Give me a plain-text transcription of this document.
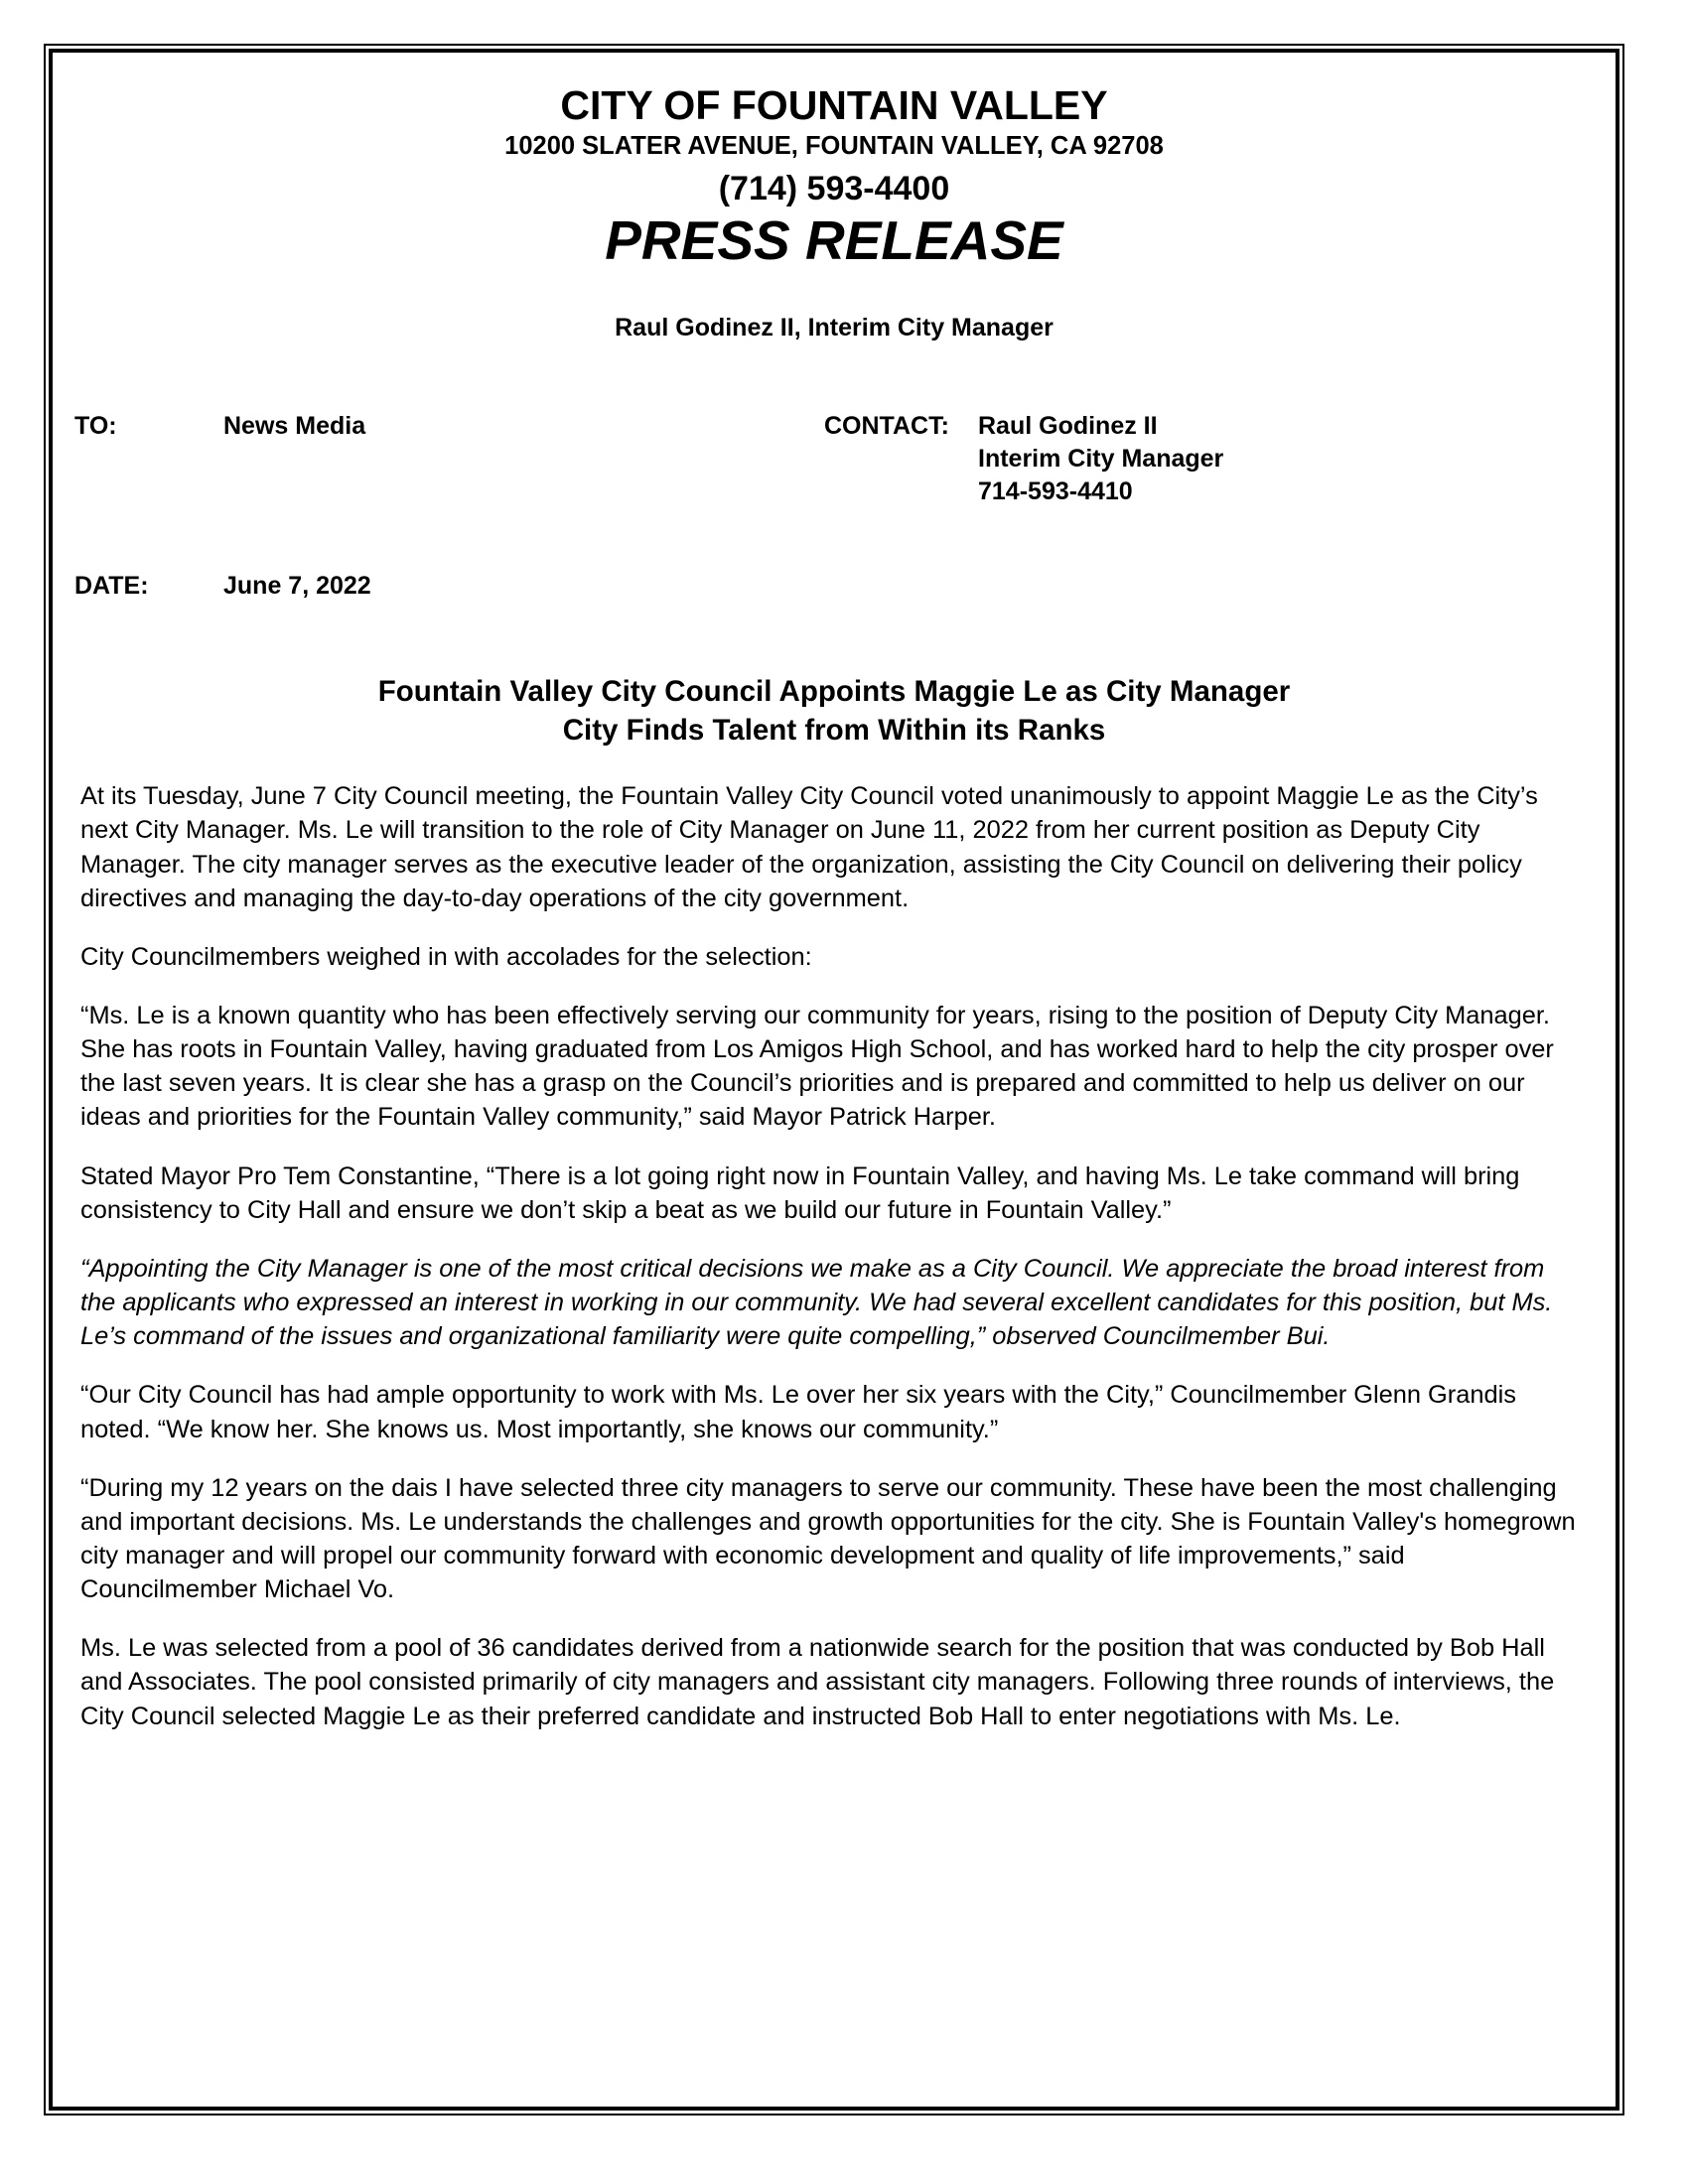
CITY OF FOUNTAIN VALLEY
10200 SLATER AVENUE, FOUNTAIN VALLEY, CA 92708
(714) 593-4400
PRESS RELEASE
Raul Godinez II, Interim City Manager
TO:	News Media	CONTACT:	Raul Godinez II
Interim City Manager
714-593-4410
DATE:	June 7, 2022
Fountain Valley City Council Appoints Maggie Le as City Manager
City Finds Talent from Within its Ranks

At its Tuesday, June 7 City Council meeting, the Fountain Valley City Council voted unanimously to appoint Maggie Le as the City’s next City Manager. Ms. Le will transition to the role of City Manager on June 11, 2022 from her current position as Deputy City Manager. The city manager serves as the executive leader of the organization, assisting the City Council on delivering their policy directives and managing the day-to-day operations of the city government.

City Councilmembers weighed in with accolades for the selection:

“Ms. Le is a known quantity who has been effectively serving our community for years, rising to the position of Deputy City Manager. She has roots in Fountain Valley, having graduated from Los Amigos High School, and has worked hard to help the city prosper over the last seven years. It is clear she has a grasp on the Council’s priorities and is prepared and committed to help us deliver on our ideas and priorities for the Fountain Valley community,” said Mayor Patrick Harper.

Stated Mayor Pro Tem Constantine, “There is a lot going right now in Fountain Valley, and having Ms. Le take command will bring consistency to City Hall and ensure we don’t skip a beat as we build our future in Fountain Valley.”

“Appointing the City Manager is one of the most critical decisions we make as a City Council. We appreciate the broad interest from the applicants who expressed an interest in working in our community. We had several excellent candidates for this position, but Ms. Le’s command of the issues and organizational familiarity were quite compelling,” observed Councilmember Bui.

“Our City Council has had ample opportunity to work with Ms. Le over her six years with the City,” Councilmember Glenn Grandis noted. “We know her. She knows us. Most importantly, she knows our community.”

“During my 12 years on the dais I have selected three city managers to serve our community. These have been the most challenging and important decisions. Ms. Le understands the challenges and growth opportunities for the city. She is Fountain Valley's homegrown city manager and will propel our community forward with economic development and quality of life improvements,” said Councilmember Michael Vo.

Ms. Le was selected from a pool of 36 candidates derived from a nationwide search for the position that was conducted by Bob Hall and Associates. The pool consisted primarily of city managers and assistant city managers. Following three rounds of interviews, the City Council selected Maggie Le as their preferred candidate and instructed Bob Hall to enter negotiations with Ms. Le.
